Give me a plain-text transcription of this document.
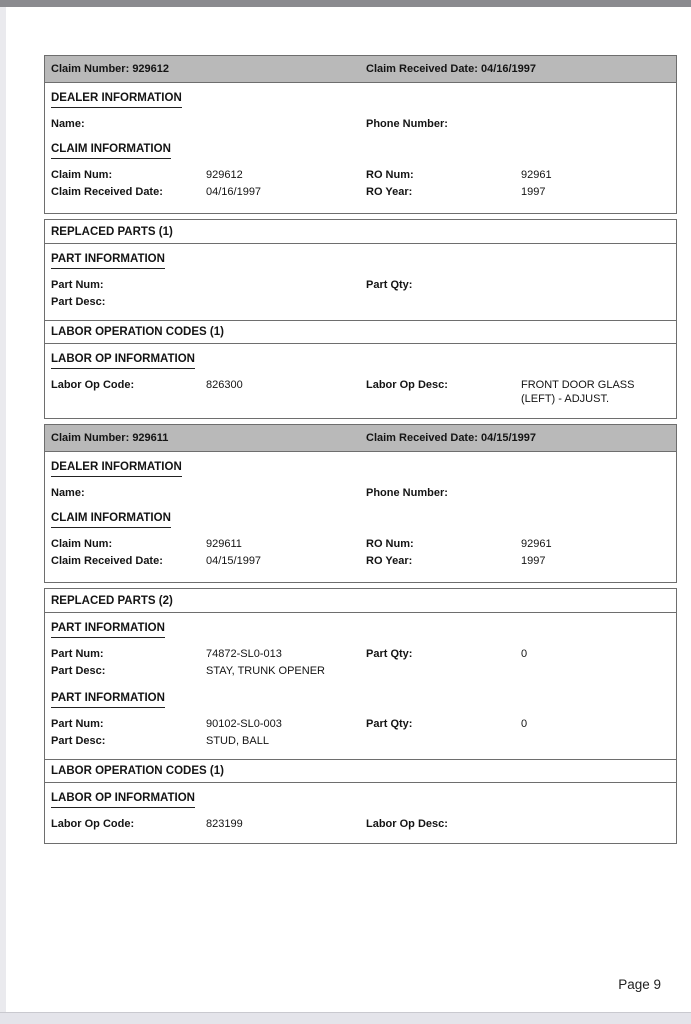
Claim Number: 929612	Claim Received Date: 04/16/1997
DEALER INFORMATION
Name:	Phone Number:
CLAIM INFORMATION
Claim Num:	929612	RO Num:	92961
Claim Received Date:	04/16/1997	RO Year:	1997
REPLACED PARTS (1)
PART INFORMATION
Part Num:	Part Qty:
Part Desc:
LABOR OPERATION CODES (1)
LABOR OP INFORMATION
Labor Op Code:	826300	Labor Op Desc:	FRONT DOOR GLASS (LEFT) - ADJUST.
Claim Number: 929611	Claim Received Date: 04/15/1997
DEALER INFORMATION
Name:	Phone Number:
CLAIM INFORMATION
Claim Num:	929611	RO Num:	92961
Claim Received Date:	04/15/1997	RO Year:	1997
REPLACED PARTS (2)
PART INFORMATION
Part Num:	74872-SL0-013	Part Qty:	0
Part Desc:	STAY, TRUNK OPENER
PART INFORMATION
Part Num:	90102-SL0-003	Part Qty:	0
Part Desc:	STUD, BALL
LABOR OPERATION CODES (1)
LABOR OP INFORMATION
Labor Op Code:	823199	Labor Op Desc:
Page 9
